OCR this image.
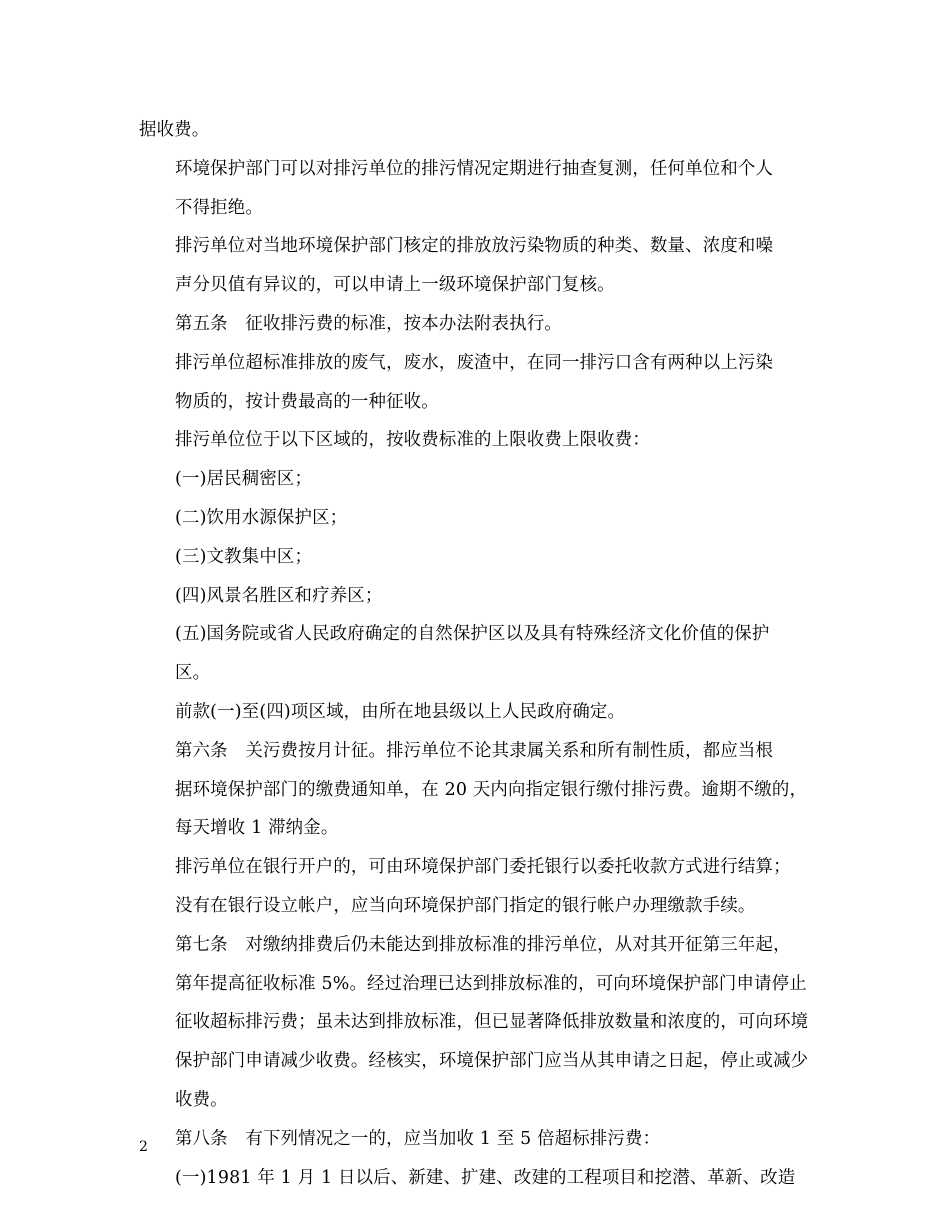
据收费。

环境保护部门可以对排污单位的排污情况定期进行抽查复测，任何单位和个人
不得拒绝。

排污单位对当地环境保护部门核定的排放放污染物质的种类、数量、浓度和噪
声分贝值有异议的，可以申请上一级环境保护部门复核。

第五条　征收排污费的标准，按本办法附表执行。

排污单位超标准排放的废气，废水，废渣中，在同一排污口含有两种以上污染
物质的，按计费最高的一种征收。

排污单位位于以下区域的，按收费标准的上限收费上限收费：

(一)居民稠密区；

(二)饮用水源保护区；

(三)文教集中区；

(四)风景名胜区和疗养区；

(五)国务院或省人民政府确定的自然保护区以及具有特殊经济文化价值的保护
区。

前款(一)至(四)项区域，由所在地县级以上人民政府确定。

第六条　关污费按月计征。排污单位不论其隶属关系和所有制性质，都应当根
据环境保护部门的缴费通知单，在 20 天内向指定银行缴付排污费。逾期不缴的，
每天增收 1 滞纳金。

排污单位在银行开户的，可由环境保护部门委托银行以委托收款方式进行结算；
没有在银行设立帐户，应当向环境保护部门指定的银行帐户办理缴款手续。

第七条　对缴纳排费后仍未能达到排放标准的排污单位，从对其开征第三年起，
第年提高征收标准 5%。经过治理已达到排放标准的，可向环境保护部门申请停止
征收超标排污费；虽未达到排放标准，但已显著降低排放数量和浓度的，可向环境
保护部门申请减少收费。经核实，环境保护部门应当从其申请之日起，停止或减少
收费。

第八条　有下列情况之一的，应当加收 1 至 5 倍超标排污费：

(一)1981 年 1 月 1 日以后、新建、扩建、改建的工程项目和挖潜、革新、改造

2
